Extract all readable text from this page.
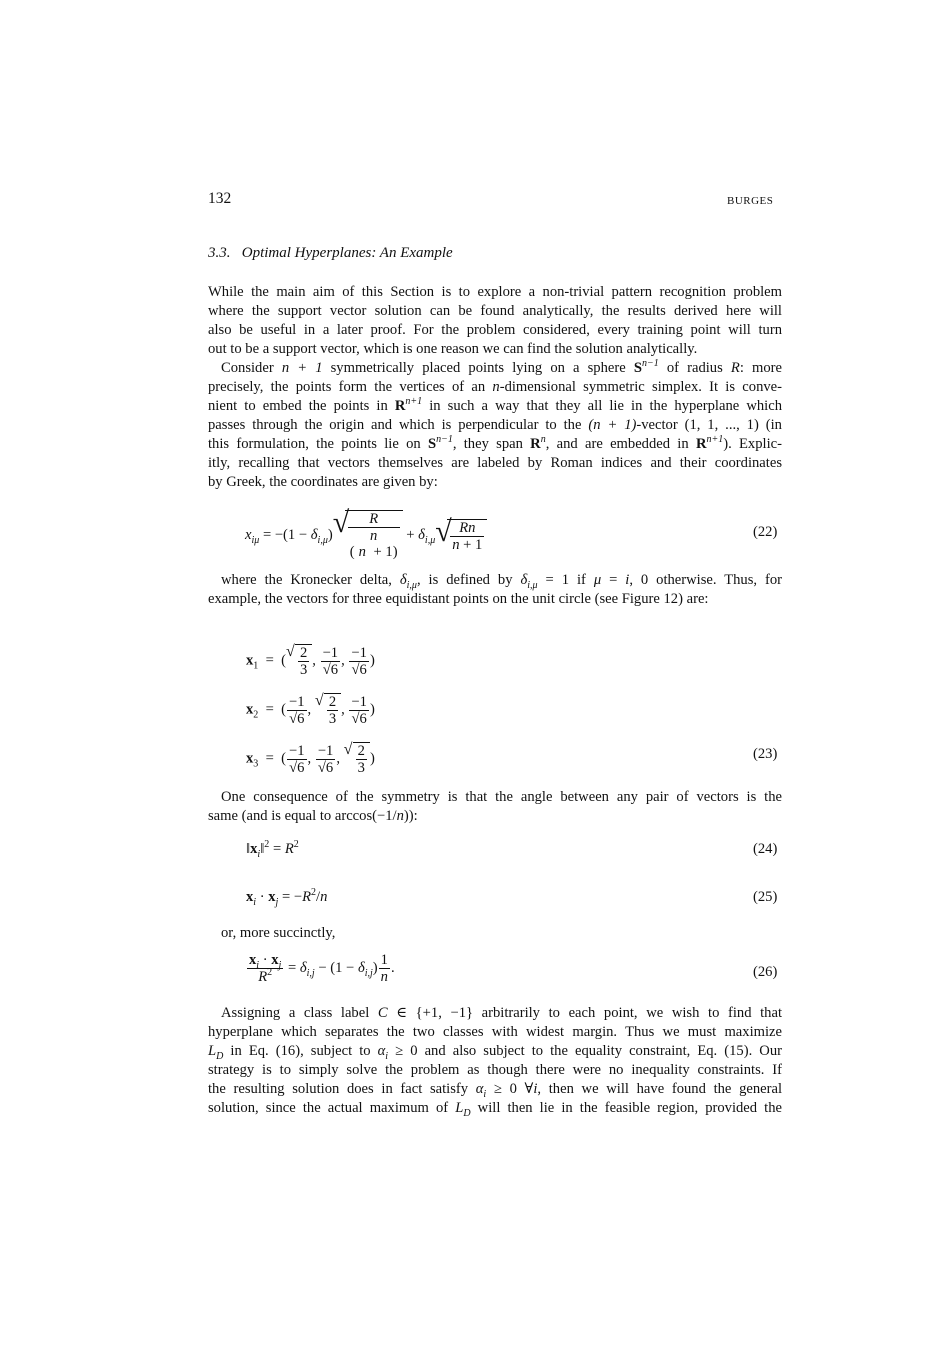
132	BURGES
3.3. Optimal Hyperplanes: An Example
While the main aim of this Section is to explore a non-trivial pattern recognition problem
where the support vector solution can be found analytically, the results derived here will
also be useful in a later proof. For the problem considered, every training point will turn
out to be a support vector, which is one reason we can find the solution analytically.
Consider n + 1 symmetrically placed points lying on a sphere $S^{n-1}$ of radius R: more
precisely, the points form the vertices of an n-dimensional symmetric simplex. It is conve-
nient to embed the points in $R^{n+1}$ in such a way that they all lie in the hyperplane which
passes through the origin and which is perpendicular to the (n + 1)-vector (1, 1, ..., 1) (in
this formulation, the points lie on $S^{n-1}$, they span $R^n$, and are embedded in $R^{n+1}$). Explic-
itly, recalling that vectors themselves are labeled by Roman indices and their coordinates
by Greek, the coordinates are given by:
$x_{i\mu} = -(1 - \delta_{i,\mu})$ √	R
n
( $n + 1) + \delta_{i,\mu}$ √
$\frac{Rn}{n + 1}$	(22)
where the Kronecker delta, $\delta_{i,\mu}$, is defined by $\delta_{i,\mu} = 1$ if μ = i, 0 otherwise. Thus, for
example, the vectors for three equidistant points on the unit circle (see Figure 12) are:
$x_1$  =  (
√ $\frac{2}{3}$ , $\frac{-1}{√6}$ , $\frac{-1}{√6}$ )
$x_2$  =  ( $\frac{-1}{√6}$ ,
√ $\frac{2}{3}$ , $\frac{-1}{√6}$ )
$x_3$  =  ( $\frac{-1}{√6}$ , $\frac{-1}{√6}$ ,
√ $\frac{2}{3}$ )	(23)
One consequence of the symmetry is that the angle between any pair of vectors is the
same (and is equal to arccos(−1/n)):
$‖x_i‖^2 = R^2$	(24)
$x_i \cdot x_j = -R^2/n$	(25)
or, more succinctly,
$\frac{x_i \cdot x_j}{R^2} = \delta_{i,j} - (1 - \delta_{i,j}) \frac{1}{n}$ .	(26)
Assigning a class label C ∈ {+1, −1} arbitrarily to each point, we wish to find that
hyperplane which separates the two classes with widest margin. Thus we must maximize
$L_D$ in Eq. (16), subject to $\alpha_i \ge 0$ and also subject to the equality constraint, Eq. (15). Our
strategy is to simply solve the problem as though there were no inequality constraints. If
the resulting solution does in fact satisfy $\alpha_i \ge 0$ ∀i, then we will have found the general
solution, since the actual maximum of $L_D$ will then lie in the feasible region, provided the
